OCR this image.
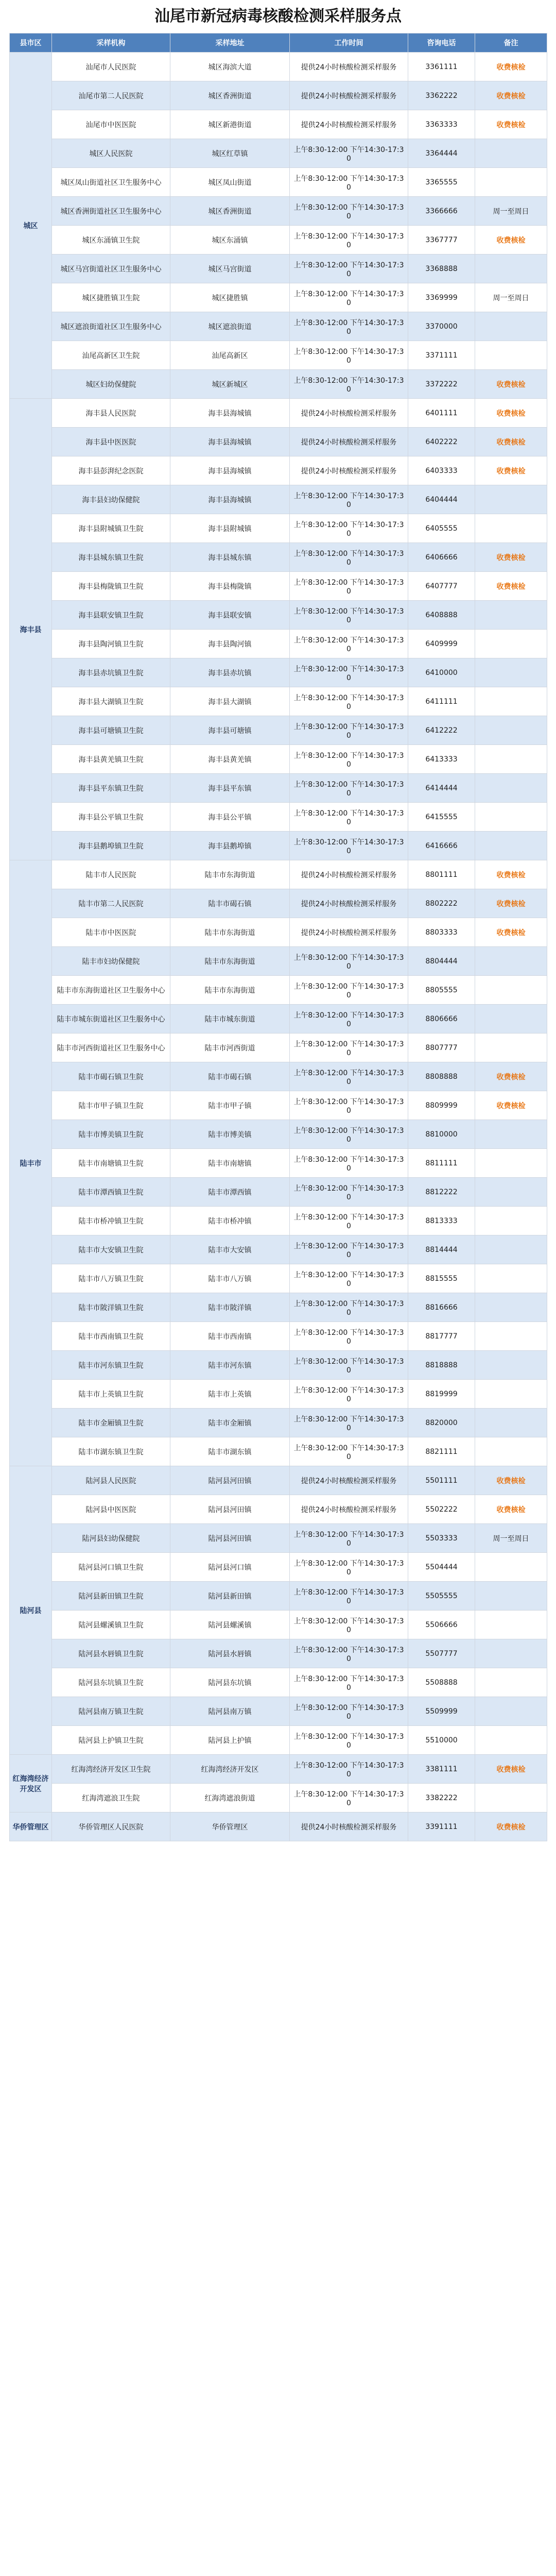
汕尾市新冠病毒核酸检测采样服务点
县市区	采样机构	采样地址	工作时间	咨询电话	备注
城区	汕尾市人民医院	城区海滨大道	提供24小时核酸检测采样服务	3361111	收费核检
	汕尾市第二人民医院	城区香洲街道	提供24小时核酸检测采样服务	3362222	收费核检
	汕尾市中医医院	城区新港街道	提供24小时核酸检测采样服务	3363333	收费核检
	城区人民医院	城区红草镇	上午8:30-12:00 下午14:30-17:30	3364444	
	城区凤山街道社区卫生服务中心	城区凤山街道	上午8:30-12:00 下午14:30-17:30	3365555	
	城区香洲街道社区卫生服务中心	城区香洲街道	上午8:30-12:00 下午14:30-17:30	3366666	周一至周日
	城区东涌镇卫生院	城区东涌镇	上午8:30-12:00 下午14:30-17:30	3367777	收费核检
	城区马宫街道社区卫生服务中心	城区马宫街道	上午8:30-12:00 下午14:30-17:30	3368888	
	城区捷胜镇卫生院	城区捷胜镇	上午8:30-12:00 下午14:30-17:30	3369999	周一至周日
	城区遮浪街道社区卫生服务中心	城区遮浪街道	上午8:30-12:00 下午14:30-17:30	3370000	
	汕尾高新区卫生院	汕尾高新区	上午8:30-12:00 下午14:30-17:30	3371111	
	城区妇幼保健院	城区新城区	上午8:30-12:00 下午14:30-17:30	3372222	收费核检
海丰县	海丰县人民医院	海丰县海城镇	提供24小时核酸检测采样服务	6401111	收费核检
	海丰县中医医院	海丰县海城镇	提供24小时核酸检测采样服务	6402222	收费核检
	海丰县彭湃纪念医院	海丰县海城镇	提供24小时核酸检测采样服务	6403333	收费核检
	海丰县妇幼保健院	海丰县海城镇	上午8:30-12:00 下午14:30-17:30	6404444	
	海丰县附城镇卫生院	海丰县附城镇	上午8:30-12:00 下午14:30-17:30	6405555	
	海丰县城东镇卫生院	海丰县城东镇	上午8:30-12:00 下午14:30-17:30	6406666	收费核检
	海丰县梅陇镇卫生院	海丰县梅陇镇	上午8:30-12:00 下午14:30-17:30	6407777	收费核检
	海丰县联安镇卫生院	海丰县联安镇	上午8:30-12:00 下午14:30-17:30	6408888	
	海丰县陶河镇卫生院	海丰县陶河镇	上午8:30-12:00 下午14:30-17:30	6409999	
	海丰县赤坑镇卫生院	海丰县赤坑镇	上午8:30-12:00 下午14:30-17:30	6410000	
	海丰县大湖镇卫生院	海丰县大湖镇	上午8:30-12:00 下午14:30-17:30	6411111	
	海丰县可塘镇卫生院	海丰县可塘镇	上午8:30-12:00 下午14:30-17:30	6412222	
	海丰县黄羌镇卫生院	海丰县黄羌镇	上午8:30-12:00 下午14:30-17:30	6413333	
	海丰县平东镇卫生院	海丰县平东镇	上午8:30-12:00 下午14:30-17:30	6414444	
	海丰县公平镇卫生院	海丰县公平镇	上午8:30-12:00 下午14:30-17:30	6415555	
	海丰县鹅埠镇卫生院	海丰县鹅埠镇	上午8:30-12:00 下午14:30-17:30	6416666	
陆丰市	陆丰市人民医院	陆丰市东海街道	提供24小时核酸检测采样服务	8801111	收费核检
	陆丰市第二人民医院	陆丰市碣石镇	提供24小时核酸检测采样服务	8802222	收费核检
	陆丰市中医医院	陆丰市东海街道	提供24小时核酸检测采样服务	8803333	收费核检
	陆丰市妇幼保健院	陆丰市东海街道	上午8:30-12:00 下午14:30-17:30	8804444	
	陆丰市东海街道社区卫生服务中心	陆丰市东海街道	上午8:30-12:00 下午14:30-17:30	8805555	
	陆丰市城东街道社区卫生服务中心	陆丰市城东街道	上午8:30-12:00 下午14:30-17:30	8806666	
	陆丰市河西街道社区卫生服务中心	陆丰市河西街道	上午8:30-12:00 下午14:30-17:30	8807777	
	陆丰市碣石镇卫生院	陆丰市碣石镇	上午8:30-12:00 下午14:30-17:30	8808888	收费核检
	陆丰市甲子镇卫生院	陆丰市甲子镇	上午8:30-12:00 下午14:30-17:30	8809999	收费核检
	陆丰市博美镇卫生院	陆丰市博美镇	上午8:30-12:00 下午14:30-17:30	8810000	
	陆丰市南塘镇卫生院	陆丰市南塘镇	上午8:30-12:00 下午14:30-17:30	8811111	
	陆丰市潭西镇卫生院	陆丰市潭西镇	上午8:30-12:00 下午14:30-17:30	8812222	
	陆丰市桥冲镇卫生院	陆丰市桥冲镇	上午8:30-12:00 下午14:30-17:30	8813333	
	陆丰市大安镇卫生院	陆丰市大安镇	上午8:30-12:00 下午14:30-17:30	8814444	
	陆丰市八万镇卫生院	陆丰市八万镇	上午8:30-12:00 下午14:30-17:30	8815555	
	陆丰市陂洋镇卫生院	陆丰市陂洋镇	上午8:30-12:00 下午14:30-17:30	8816666	
	陆丰市西南镇卫生院	陆丰市西南镇	上午8:30-12:00 下午14:30-17:30	8817777	
	陆丰市河东镇卫生院	陆丰市河东镇	上午8:30-12:00 下午14:30-17:30	8818888	
	陆丰市上英镇卫生院	陆丰市上英镇	上午8:30-12:00 下午14:30-17:30	8819999	
	陆丰市金厢镇卫生院	陆丰市金厢镇	上午8:30-12:00 下午14:30-17:30	8820000	
	陆丰市湖东镇卫生院	陆丰市湖东镇	上午8:30-12:00 下午14:30-17:30	8821111	
陆河县	陆河县人民医院	陆河县河田镇	提供24小时核酸检测采样服务	5501111	收费核检
	陆河县中医医院	陆河县河田镇	提供24小时核酸检测采样服务	5502222	收费核检
	陆河县妇幼保健院	陆河县河田镇	上午8:30-12:00 下午14:30-17:30	5503333	周一至周日
	陆河县河口镇卫生院	陆河县河口镇	上午8:30-12:00 下午14:30-17:30	5504444	
	陆河县新田镇卫生院	陆河县新田镇	上午8:30-12:00 下午14:30-17:30	5505555	
	陆河县螺溪镇卫生院	陆河县螺溪镇	上午8:30-12:00 下午14:30-17:30	5506666	
	陆河县水唇镇卫生院	陆河县水唇镇	上午8:30-12:00 下午14:30-17:30	5507777	
	陆河县东坑镇卫生院	陆河县东坑镇	上午8:30-12:00 下午14:30-17:30	5508888	
	陆河县南万镇卫生院	陆河县南万镇	上午8:30-12:00 下午14:30-17:30	5509999	
	陆河县上护镇卫生院	陆河县上护镇	上午8:30-12:00 下午14:30-17:30	5510000	
红海湾经济开发区	红海湾经济开发区卫生院	红海湾经济开发区	上午8:30-12:00 下午14:30-17:30	3381111	收费核检
	红海湾遮浪卫生院	红海湾遮浪街道	上午8:30-12:00 下午14:30-17:30	3382222	
华侨管理区	华侨管理区人民医院	华侨管理区	提供24小时核酸检测采样服务	3391111	收费核检
